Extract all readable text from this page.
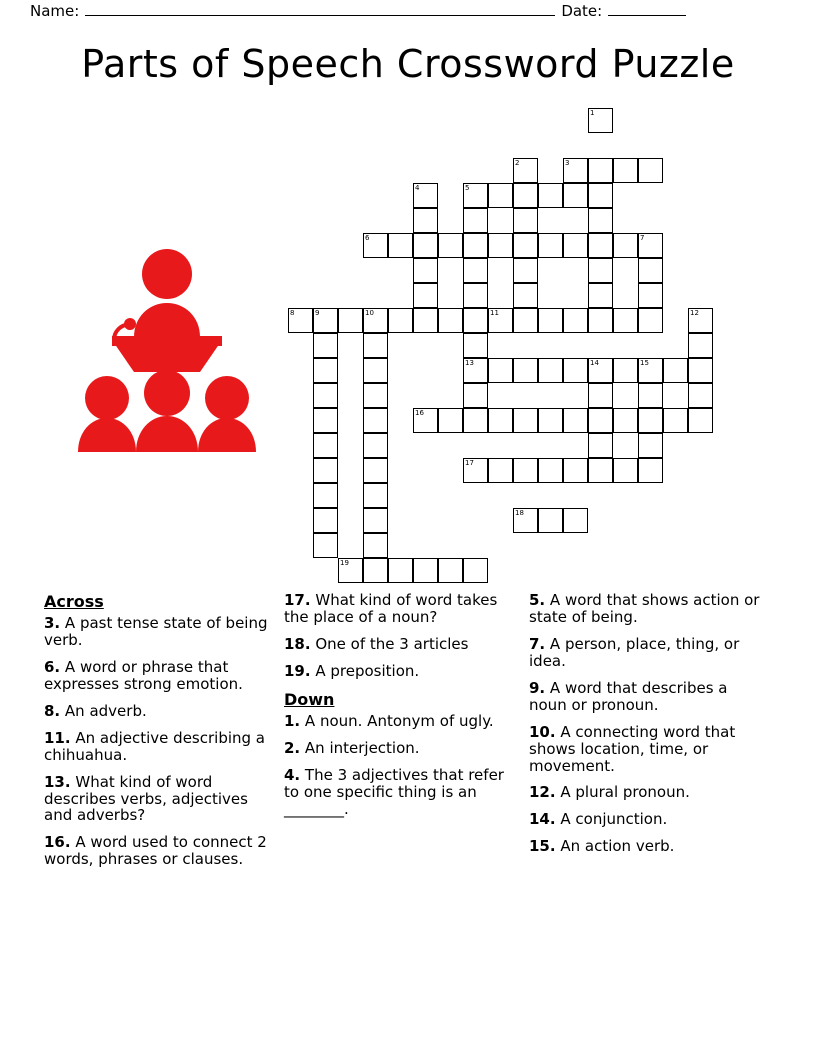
Name:	Date:
Parts of Speech Crossword Puzzle
1
2	3
4	5
6	7
8	9	10	11	12
13	14	15
16
17
18
19
Across

3. A past tense state of being verb.

6. A word or phrase that expresses strong emotion.

8. An adverb.

11. An adjective describing a chihuahua.

13. What kind of word describes verbs, adjectives and adverbs?

16. A word used to connect 2 words, phrases or clauses.

17. What kind of word takes the place of a noun?

18. One of the 3 articles

19. A preposition.

Down

1. A noun. Antonym of ugly.

2. An interjection.

4. The 3 adjectives that refer to one specific thing is an ________.

5. A word that shows action or state of being.

7. A person, place, thing, or idea.

9. A word that describes a noun or pronoun.

10. A connecting word that shows location, time, or movement.

12. A plural pronoun.

14. A conjunction.

15. An action verb.
